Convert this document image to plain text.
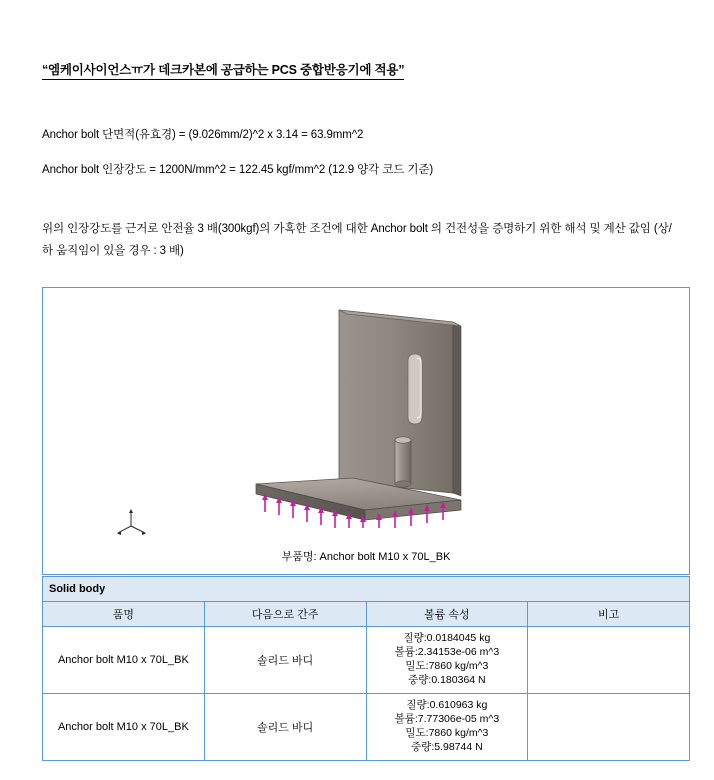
“엠케이사이언스ㅠ가 데크카본에 공급하는 PCS 중합반응기에 적용”
Anchor bolt 단면적(유효경) = (9.026mm/2)^2 x 3.14 = 63.9mm^2
Anchor bolt 인장강도 = 1200N/mm^2 = 122.45 kgf/mm^2 (12.9 양각 코드 기준)
위의 인장강도를 근거로 안전율 3 배(300kgf)의 가혹한 조건에 대한 Anchor bolt 의 건전성을 증명하기 위한 해석 및 계산 값임 (상/하 움직임이 있을 경우 : 3 배)
부품명: Anchor bolt M10 x 70L_BK
Solid body			
품명	다음으로 간주	볼륨 속성	비고
Anchor bolt M10 x 70L_BK	솔리드 바디	질량:0.0184045 kg
볼륨:2.34153e-06 m^3
밀도:7860 kg/m^3
중량:0.180364 N	

Anchor bolt M10 x 70L_BK	솔리드 바디	질량:0.610963 kg
볼륨:7.77306e-05 m^3
밀도:7860 kg/m^3
중량:5.98744 N	
